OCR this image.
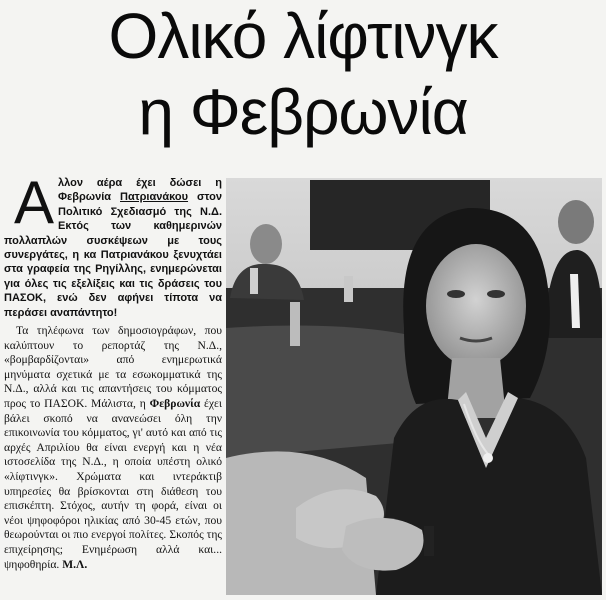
Ολικό λίφτινγκ
η Φεβρωνία

Αλλον αέρα έχει δώσει η Φεβρωνία Πατριανάκου στον Πολιτικό Σχεδιασμό της Ν.Δ. Εκτός των καθημερινών πολλαπλών συσκέψεων με τους συνεργάτες, η κα Πατριανάκου ξενυχτάει στα γραφεία της Ρηγίλλης, ενημερώνεται για όλες τις εξελίξεις και τις δράσεις του ΠΑΣΟΚ, ενώ δεν αφήνει τίποτα να περάσει αναπάντητο!

Τα τηλέφωνα των δημοσιογράφων, που καλύπτουν το ρεπορτάζ της Ν.Δ., «βομβαρδίζονται» από ενημερωτικά μηνύματα σχετικά με τα εσωκομματικά της Ν.Δ., αλλά και τις απαντήσεις του κόμματος προς το ΠΑΣΟΚ. Μάλιστα, η Φεβρωνία έχει βάλει σκοπό να ανανεώσει όλη την επικοινωνία του κόμματος, γι' αυτό και από τις αρχές Απριλίου θα είναι ενεργή και η νέα ιστοσελίδα της Ν.Δ., η οποία υπέστη ολικό «λίφτινγκ». Χρώματα και ιντεράκτιβ υπηρεσίες θα βρίσκονται στη διάθεση του επισκέπτη. Στόχος, αυτήν τη φορά, είναι οι νέοι ψηφοφόροι ηλικίας από 30-45 ετών, που θεωρούνται οι πιο ενεργοί πολίτες. Σκοπός της επιχείρησης; Ενημέρωση αλλά και... ψηφοθηρία. Μ.Λ.
